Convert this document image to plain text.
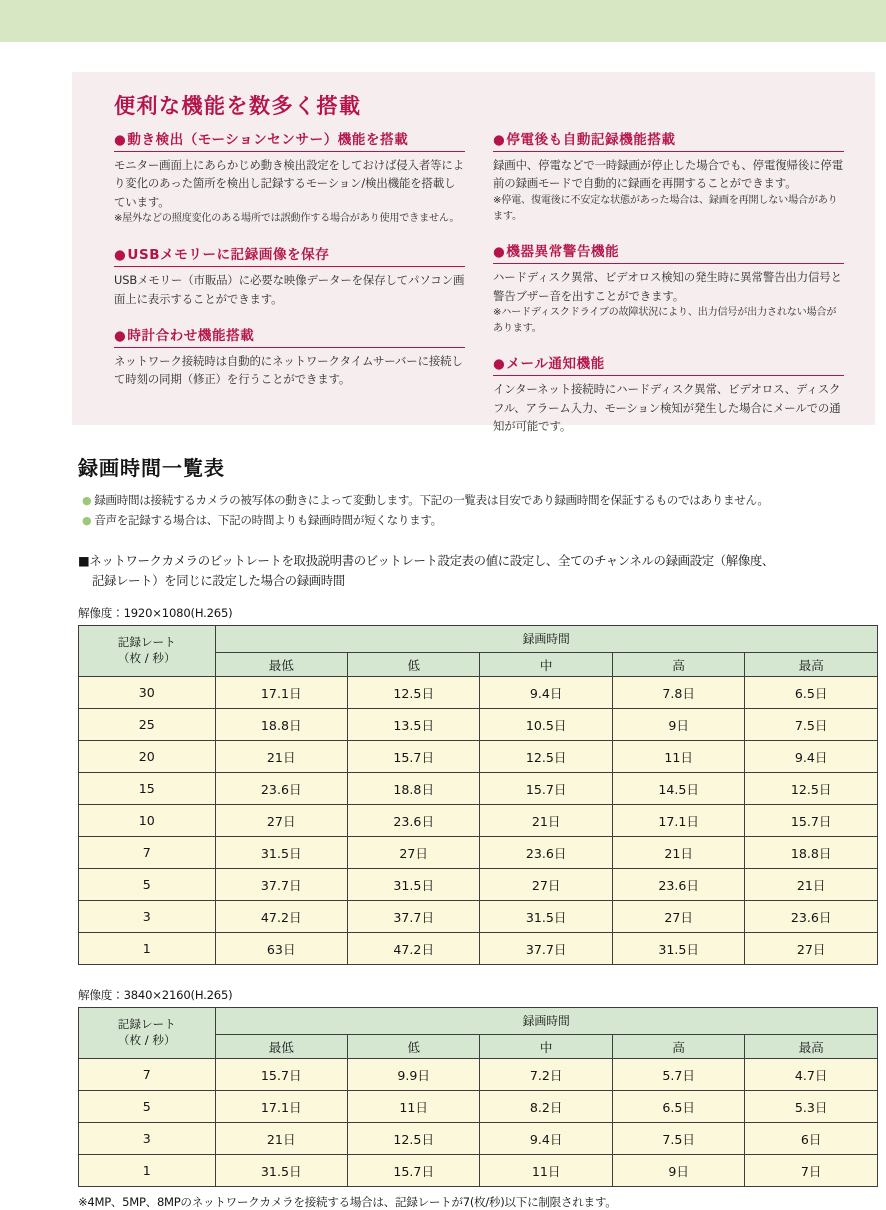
便利な機能を数多く搭載
●動き検出（モーションセンサー）機能を搭載
モニター画面上にあらかじめ動き検出設定をしておけば侵入者等により変化のあった箇所を検出し記録するモーション/検出機能を搭載しています。
※屋外などの照度変化のある場所では誤動作する場合があり使用できません。
●USBメモリーに記録画像を保存
USBメモリー（市販品）に必要な映像データーを保存してパソコン画面上に表示することができます。
●時計合わせ機能搭載
ネットワーク接続時は自動的にネットワークタイムサーバーに接続して時刻の同期（修正）を行うことができます。
●停電後も自動記録機能搭載
録画中、停電などで一時録画が停止した場合でも、停電復帰後に停電前の録画モードで自動的に録画を再開することができます。
※停電、復電後に不安定な状態があった場合は、録画を再開しない場合があります。
●機器異常警告機能
ハードディスク異常、ビデオロス検知の発生時に異常警告出力信号と警告ブザー音を出すことができます。
※ハードディスクドライブの故障状況により、出力信号が出力されない場合があります。
●メール通知機能
インターネット接続時にハードディスク異常、ビデオロス、ディスクフル、アラーム入力、モーション検知が発生した場合にメールでの通知が可能です。
録画時間一覧表
● 録画時間は接続するカメラの被写体の動きによって変動します。下記の一覧表は目安であり録画時間を保証するものではありません。
● 音声を記録する場合は、下記の時間よりも録画時間が短くなります。
■ネットワークカメラのビットレートを取扱説明書のビットレート設定表の値に設定し、全てのチャンネルの録画設定（解像度、
記録レート）を同じに設定した場合の録画時間
解像度：1920×1080(H.265)
記録レート
（枚 / 秒）	録画時間				
	最低	低	中	高	最高
30	17.1日	12.5日	9.4日	7.8日	6.5日
25	18.8日	13.5日	10.5日	9日	7.5日
20	21日	15.7日	12.5日	11日	9.4日
15	23.6日	18.8日	15.7日	14.5日	12.5日
10	27日	23.6日	21日	17.1日	15.7日
7	31.5日	27日	23.6日	21日	18.8日
5	37.7日	31.5日	27日	23.6日	21日
3	47.2日	37.7日	31.5日	27日	23.6日
1	63日	47.2日	37.7日	31.5日	27日
解像度：3840×2160(H.265)
記録レート
（枚 / 秒）	録画時間				
	最低	低	中	高	最高
7	15.7日	9.9日	7.2日	5.7日	4.7日
5	17.1日	11日	8.2日	6.5日	5.3日
3	21日	12.5日	9.4日	7.5日	6日
1	31.5日	15.7日	11日	9日	7日
※4MP、5MP、8MPのネットワークカメラを接続する場合は、記録レートが7(枚/秒)以下に制限されます。
